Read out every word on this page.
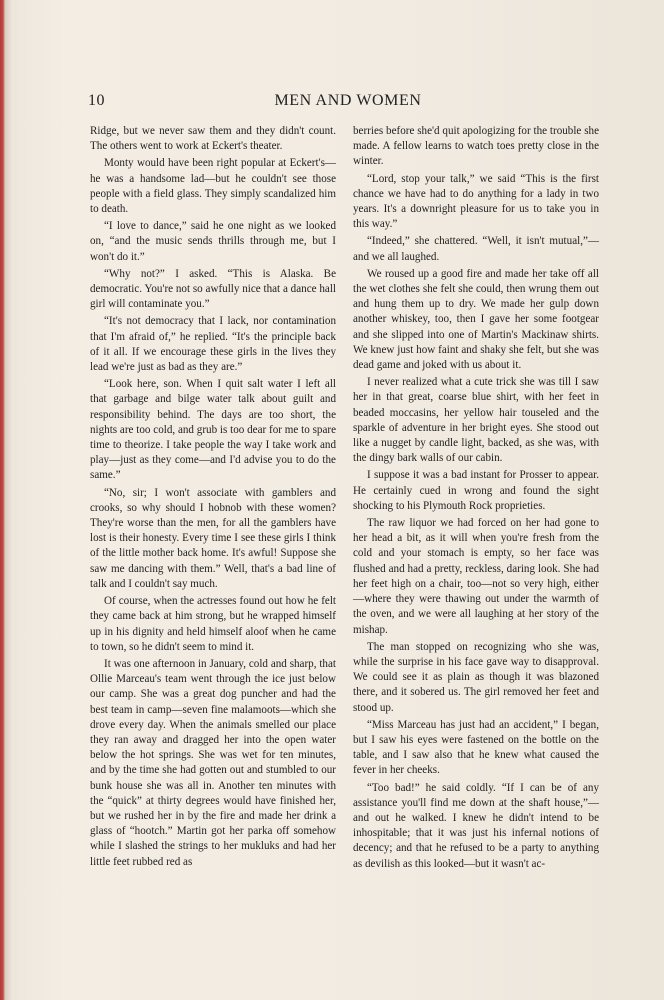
10	MEN AND WOMEN

Ridge, but we never saw them and they didn't count. The others went to work at Eckert's theater.

Monty would have been right popular at Eckert's—he was a handsome lad—but he couldn't see those people with a field glass. They simply scandalized him to death.

“I love to dance,” said he one night as we looked on, “and the music sends thrills through me, but I won't do it.”

“Why not?” I asked. “This is Alaska. Be democratic. You're not so awfully nice that a dance hall girl will contaminate you.”

“It's not democracy that I lack, nor contamination that I'm afraid of,” he replied. “It's the principle back of it all. If we encourage these girls in the lives they lead we're just as bad as they are.”

“Look here, son. When I quit salt water I left all that garbage and bilge water talk about guilt and responsibility behind. The days are too short, the nights are too cold, and grub is too dear for me to spare time to theorize. I take people the way I take work and play—just as they come—and I'd advise you to do the same.”

“No, sir; I won't associate with gamblers and crooks, so why should I hobnob with these women? They're worse than the men, for all the gamblers have lost is their honesty. Every time I see these girls I think of the little mother back home. It's awful! Suppose she saw me dancing with them.” Well, that's a bad line of talk and I couldn't say much.

Of course, when the actresses found out how he felt they came back at him strong, but he wrapped himself up in his dignity and held himself aloof when he came to town, so he didn't seem to mind it.

It was one afternoon in January, cold and sharp, that Ollie Marceau's team went through the ice just below our camp. She was a great dog puncher and had the best team in camp—seven fine malamoots—which she drove every day. When the animals smelled our place they ran away and dragged her into the open water below the hot springs. She was wet for ten minutes, and by the time she had gotten out and stumbled to our bunk house she was all in. Another ten minutes with the “quick” at thirty degrees would have finished her, but we rushed her in by the fire and made her drink a glass of “hootch.” Martin got her parka off somehow while I slashed the strings to her mukluks and had her little feet rubbed red as

berries before she'd quit apologizing for the trouble she made. A fellow learns to watch toes pretty close in the winter.

“Lord, stop your talk,” we said “This is the first chance we have had to do anything for a lady in two years. It's a downright pleasure for us to take you in this way.”

“Indeed,” she chattered. “Well, it isn't mutual,”—and we all laughed.

We roused up a good fire and made her take off all the wet clothes she felt she could, then wrung them out and hung them up to dry. We made her gulp down another whiskey, too, then I gave her some footgear and she slipped into one of Martin's Mackinaw shirts. We knew just how faint and shaky she felt, but she was dead game and joked with us about it.

I never realized what a cute trick she was till I saw her in that great, coarse blue shirt, with her feet in beaded moccasins, her yellow hair touseled and the sparkle of adventure in her bright eyes. She stood out like a nugget by candle light, backed, as she was, with the dingy bark walls of our cabin.

I suppose it was a bad instant for Prosser to appear. He certainly cued in wrong and found the sight shocking to his Plymouth Rock proprieties.

The raw liquor we had forced on her had gone to her head a bit, as it will when you're fresh from the cold and your stomach is empty, so her face was flushed and had a pretty, reckless, daring look. She had her feet high on a chair, too—not so very high, either—where they were thawing out under the warmth of the oven, and we were all laughing at her story of the mishap.

The man stopped on recognizing who she was, while the surprise in his face gave way to disapproval. We could see it as plain as though it was blazoned there, and it sobered us. The girl removed her feet and stood up.

“Miss Marceau has just had an accident,” I began, but I saw his eyes were fastened on the bottle on the table, and I saw also that he knew what caused the fever in her cheeks.

“Too bad!” he said coldly. “If I can be of any assistance you'll find me down at the shaft house,”—and out he walked. I knew he didn't intend to be inhospitable; that it was just his infernal notions of decency; and that he refused to be a party to anything as devilish as this looked—but it wasn't ac-
